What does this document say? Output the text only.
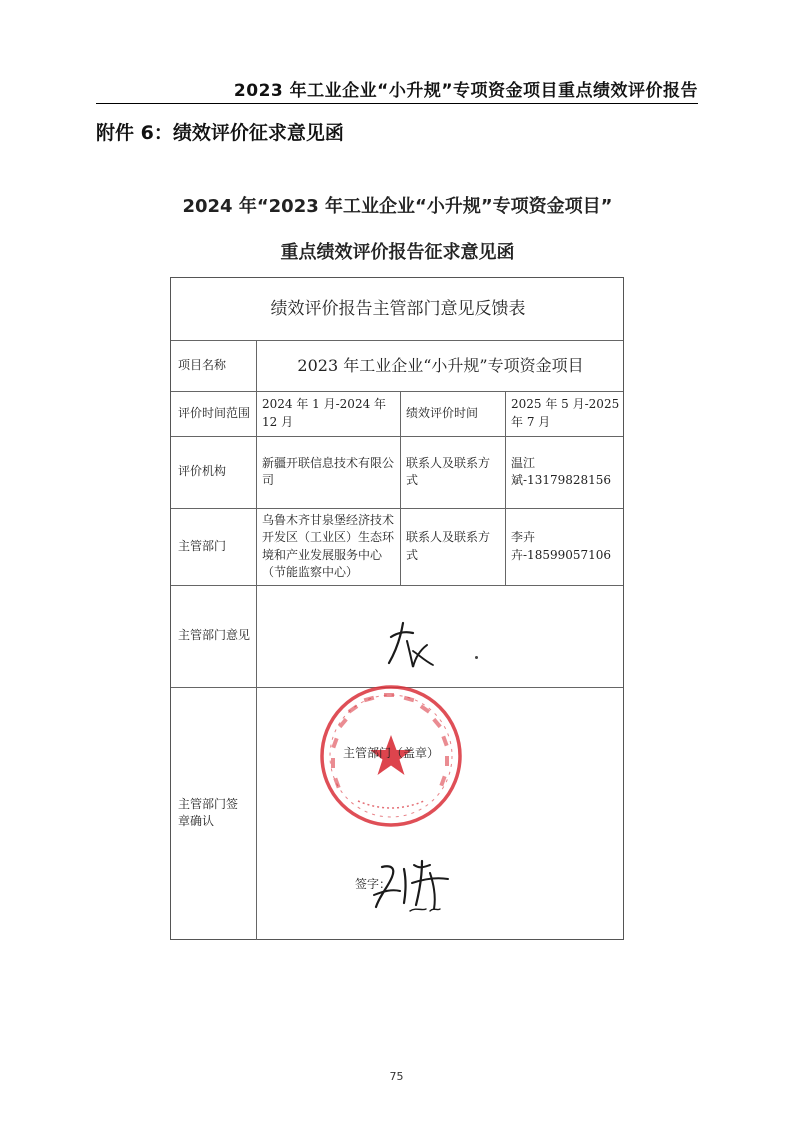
2023 年工业企业“小升规”专项资金项目重点绩效评价报告
附件 6：绩效评价征求意见函
2024 年“2023 年工业企业“小升规”专项资金项目”
重点绩效评价报告征求意见函
绩效评价报告主管部门意见反馈表
项目名称	2023 年工业企业“小升规”专项资金项目
评价时间范围
2024 年 1 月-2024 年 12 月
绩效评价时间
2025 年 5 月-2025 年 7 月
评价机构
新疆开联信息技术有限公司
联系人及联系方式
温江斌-13179828156
主管部门
乌鲁木齐甘泉堡经济技术开发区（工业区）生态环境和产业发展服务中心（节能监察中心）
联系人及联系方式
李卉卉-18599057106
主管部门意见
主管部门签章确认
主管部门（盖章）
签字：
75
